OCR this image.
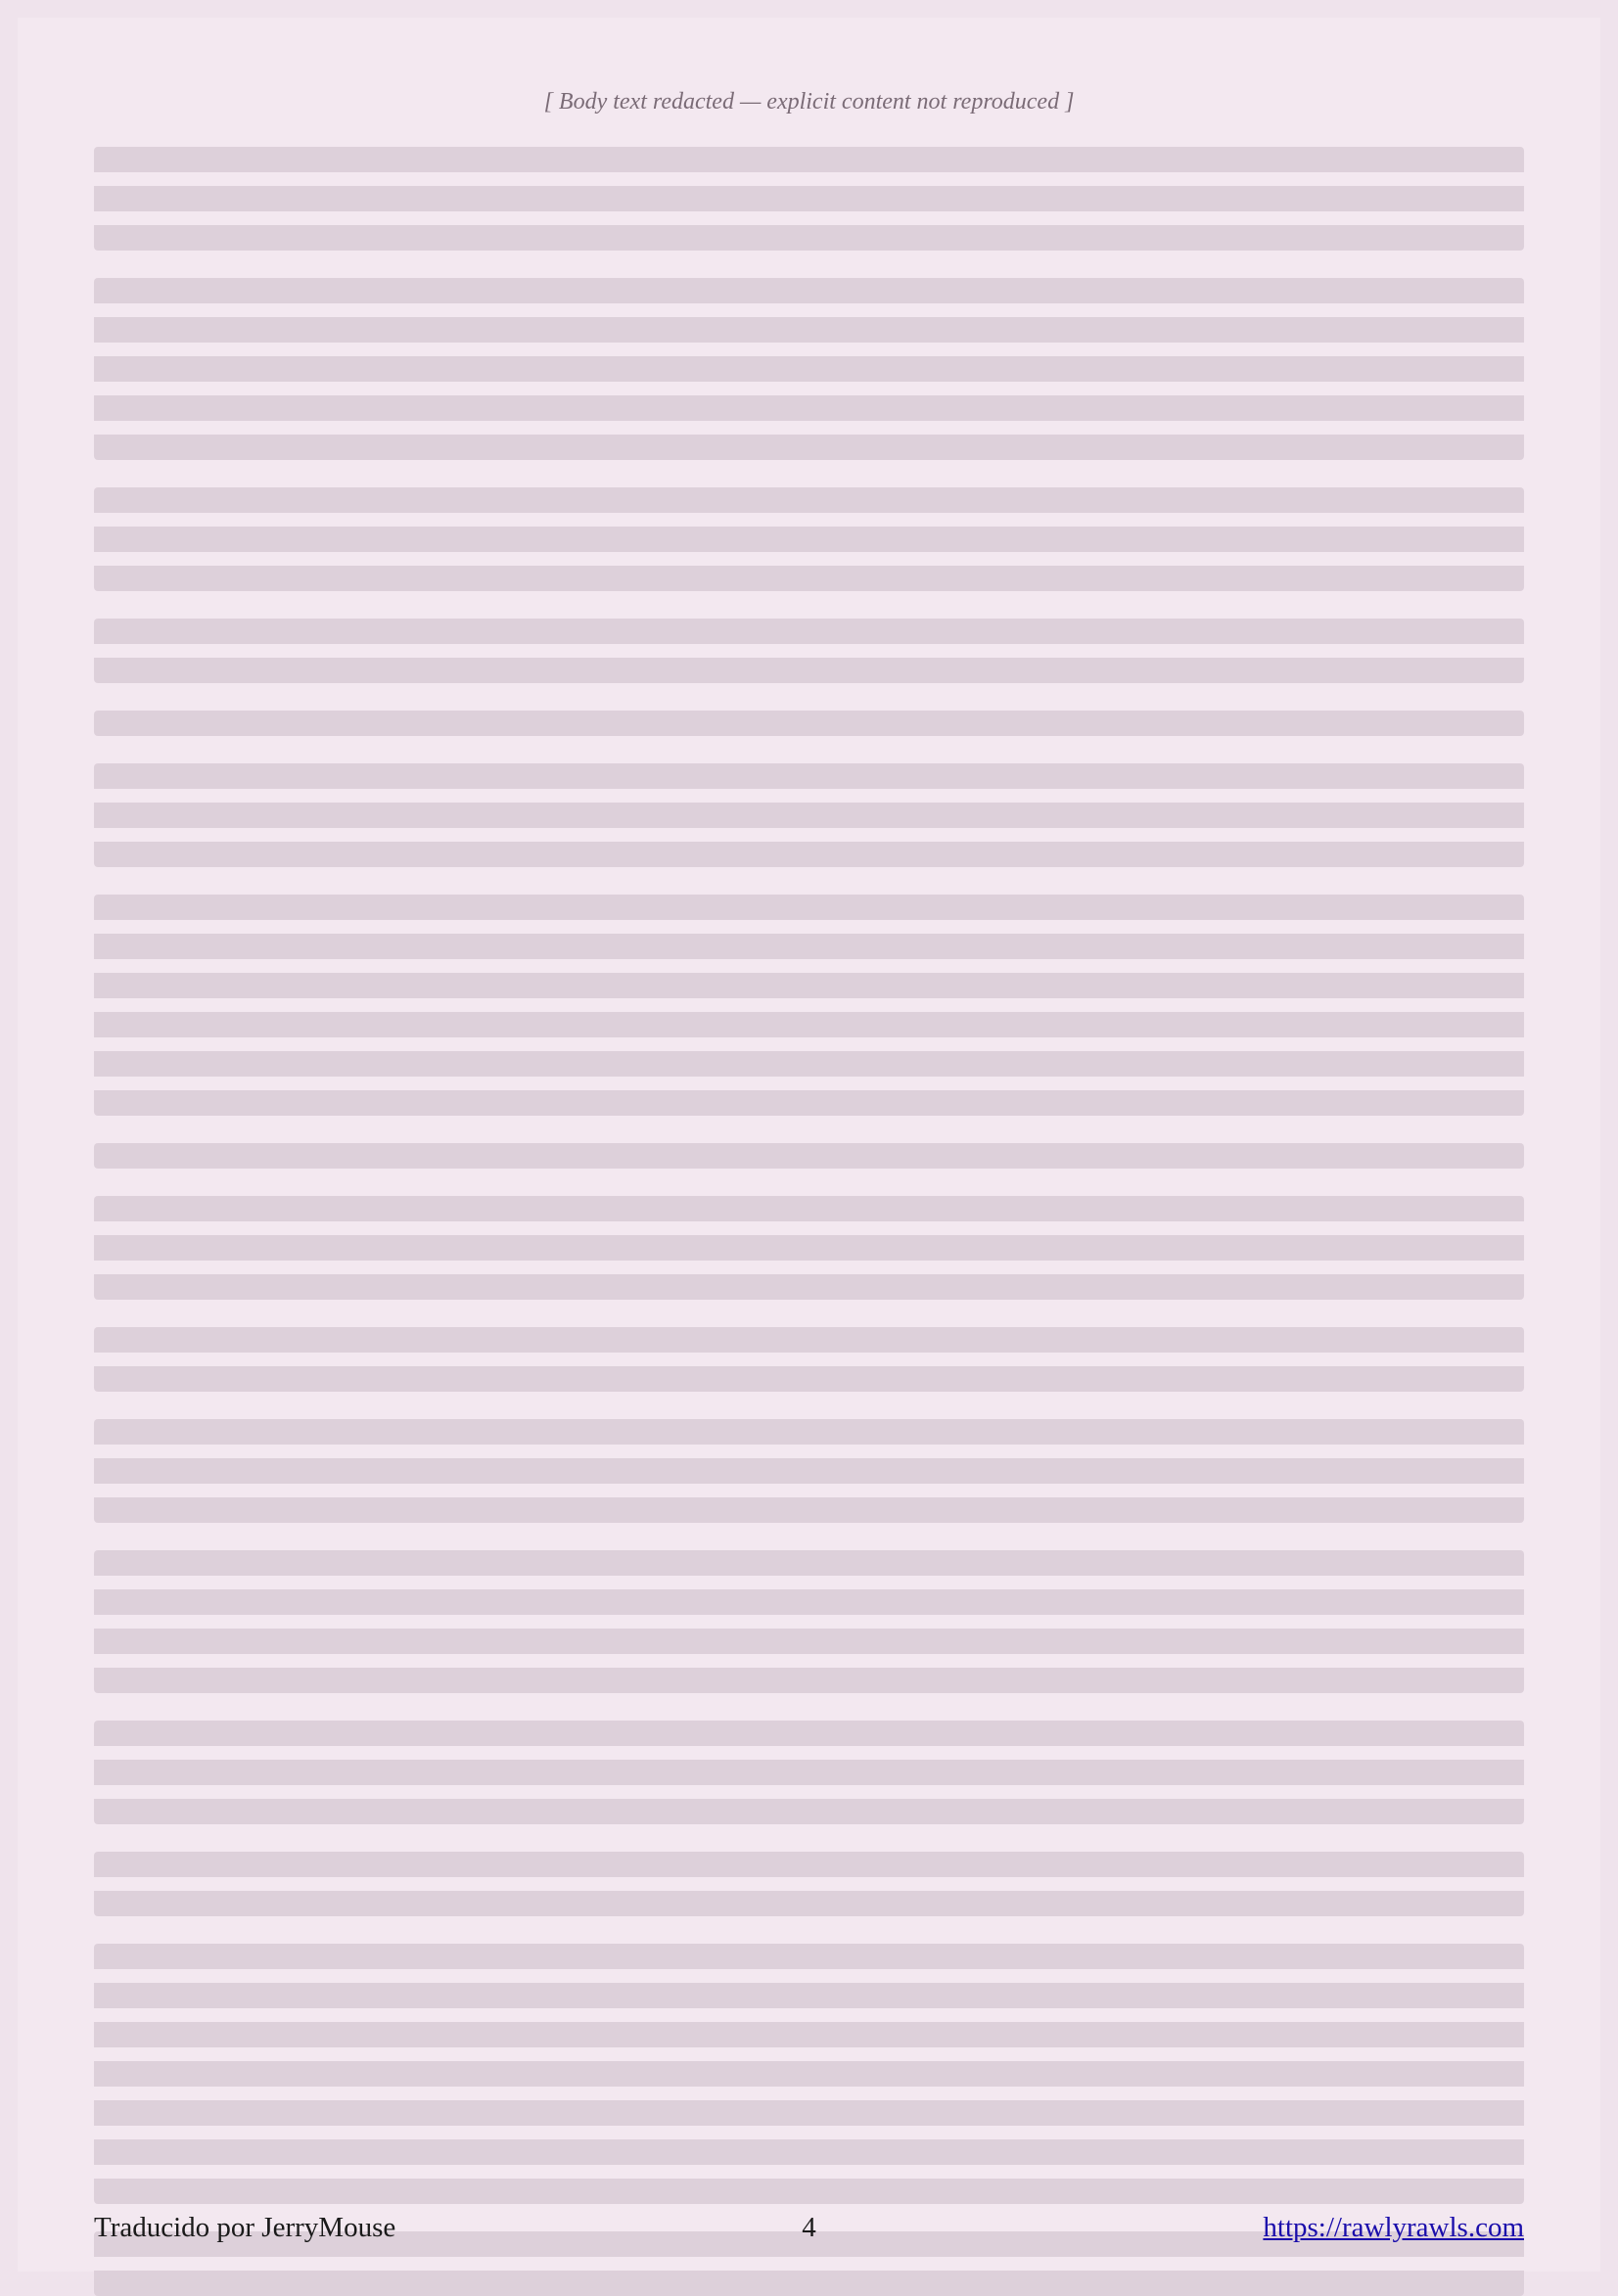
[ Body text redacted — explicit content not reproduced ]
Traducido por JerryMouse	4	https://rawlyrawls.com
